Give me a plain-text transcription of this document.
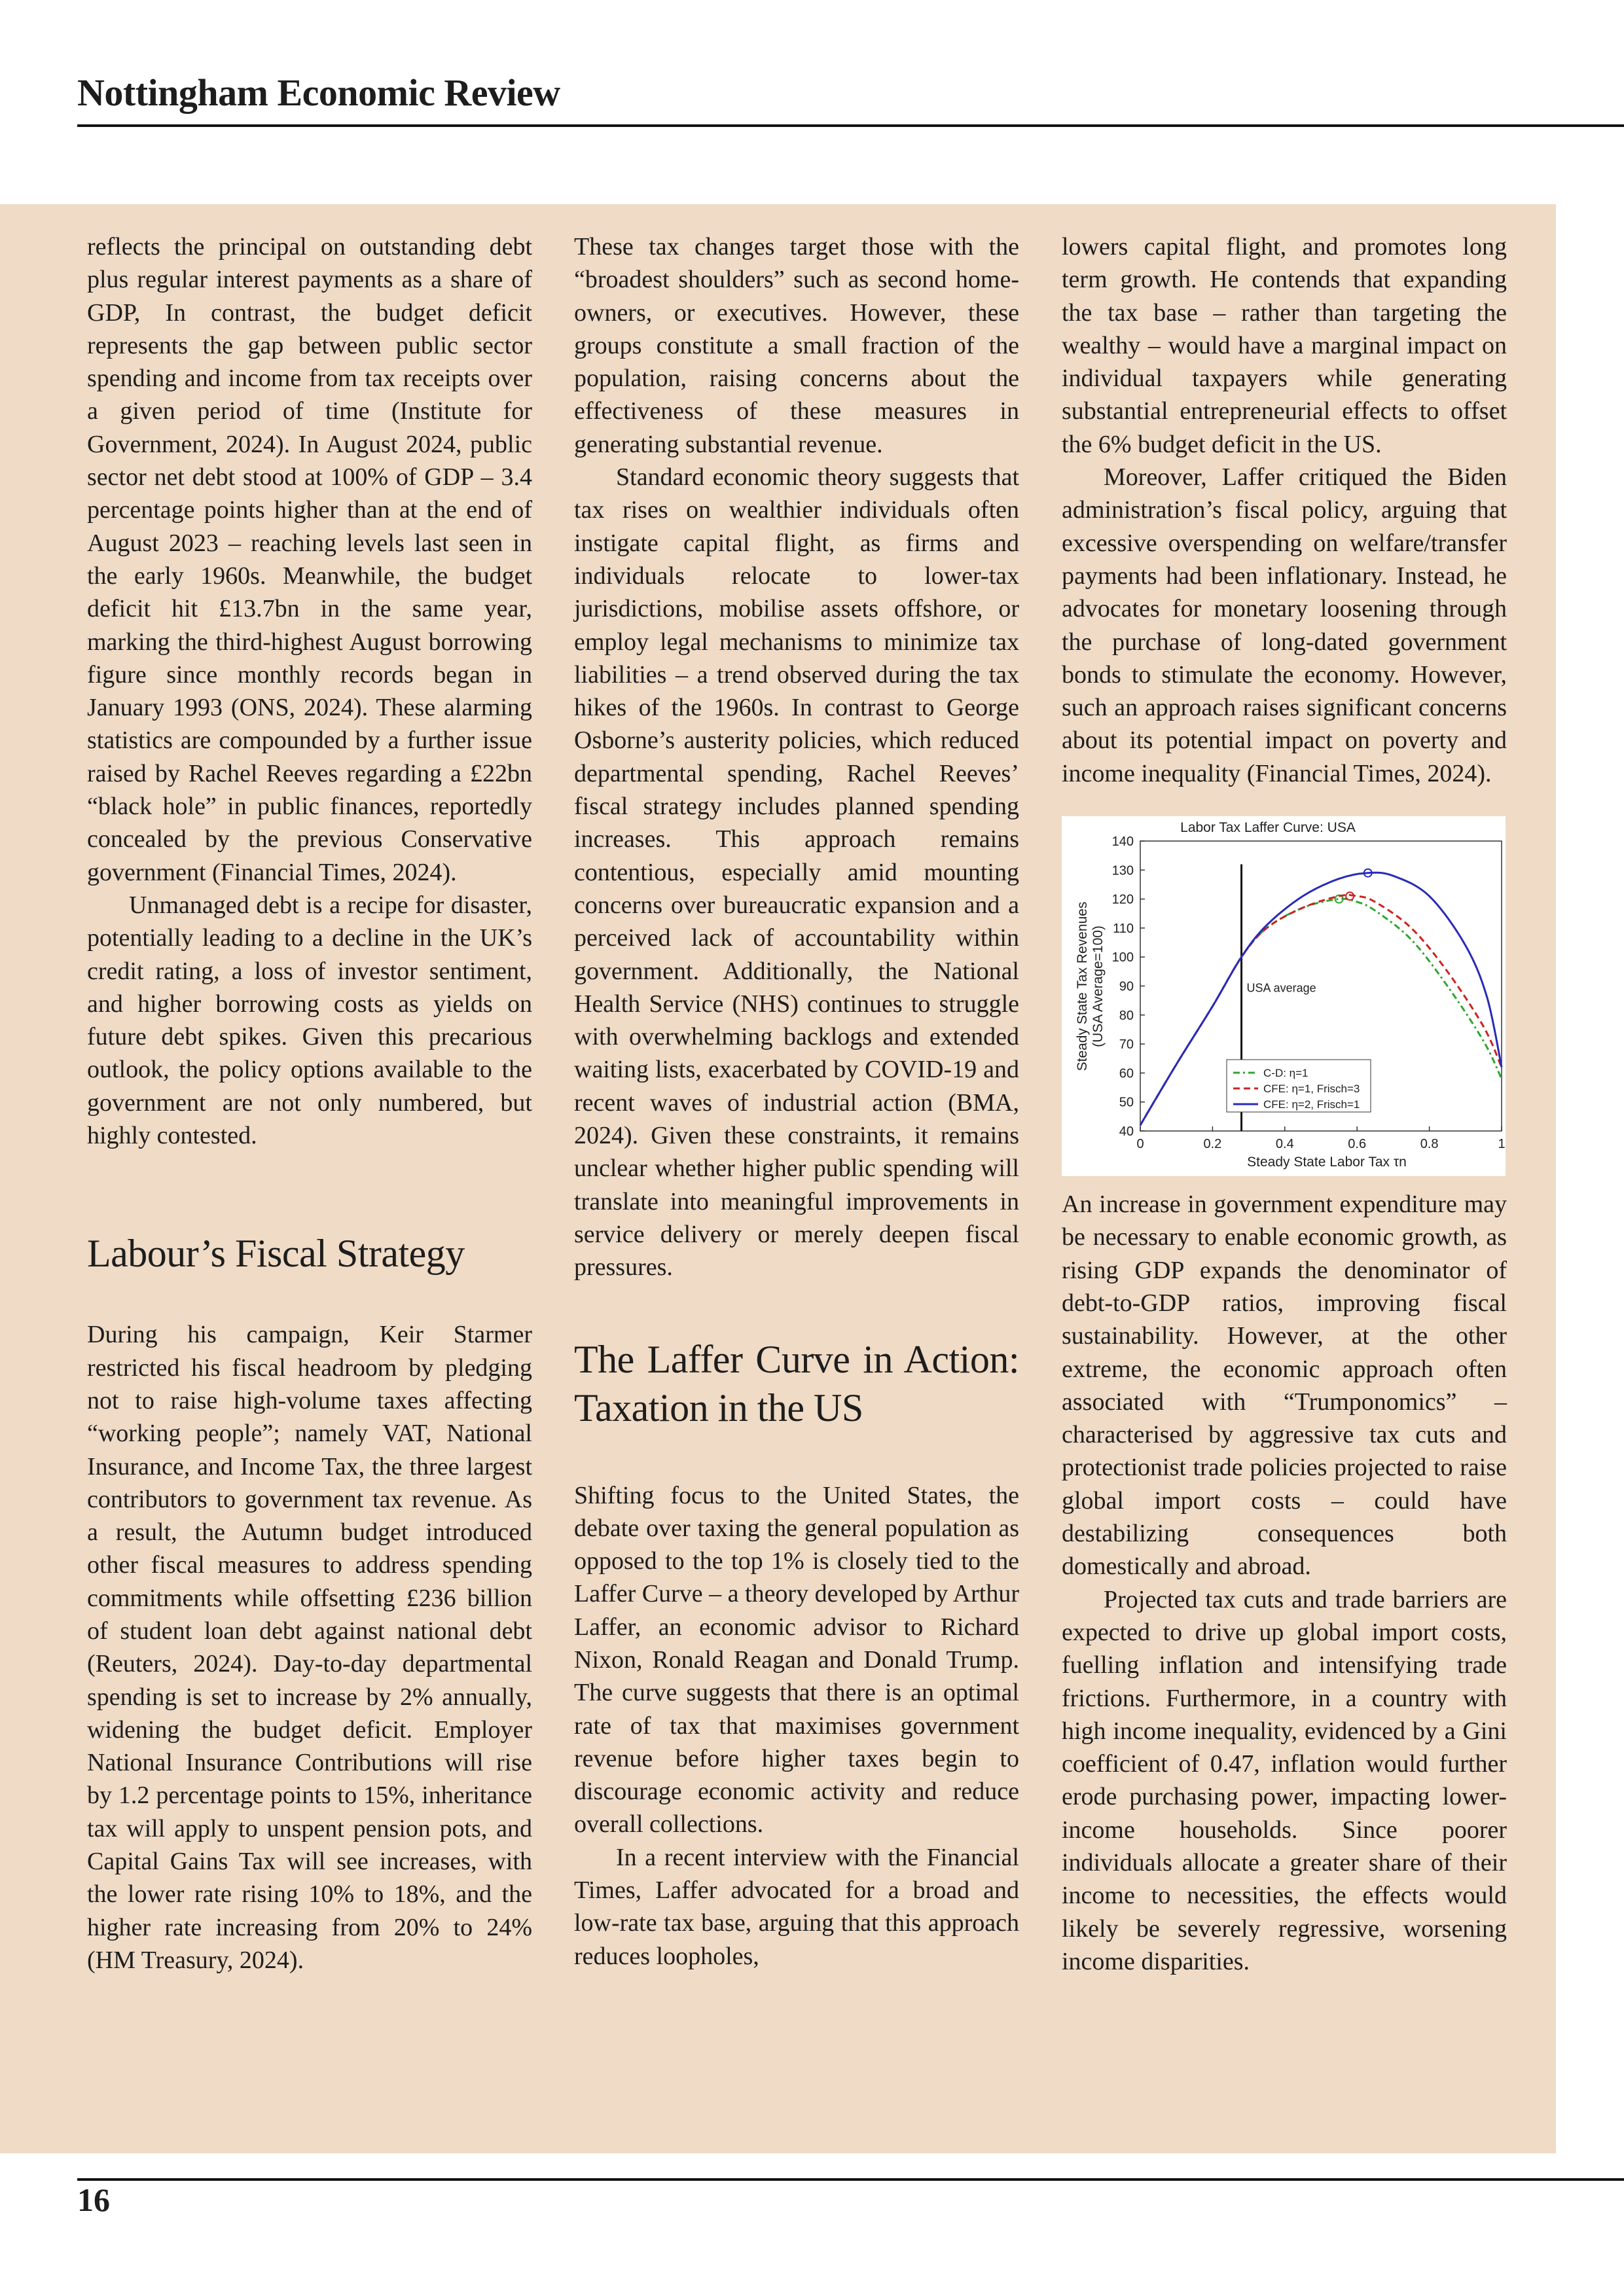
Nottingham Economic Review

reflects the principal on outstanding debt plus regular interest payments as a share of GDP, In contrast, the budget deficit represents the gap between public sector spending and income from tax receipts over a given period of time (Institute for Government, 2024). In August 2024, public sector net debt stood at 100% of GDP – 3.4 percentage points higher than at the end of August 2023 – reaching levels last seen in the early 1960s. Meanwhile, the budget deficit hit £13.7bn in the same year, marking the third-highest August borrowing figure since monthly records began in January 1993 (ONS, 2024). These alarming statistics are compounded by a further issue raised by Rachel Reeves regarding a £22bn “black hole” in public finances, reportedly concealed by the previous Conservative government (Financial Times, 2024).

Unmanaged debt is a recipe for disaster, potentially leading to a decline in the UK’s credit rating, a loss of investor sentiment, and higher borrowing costs as yields on future debt spikes. Given this precarious outlook, the policy options available to the government are not only numbered, but highly contested.

Labour’s Fiscal Strategy

During his campaign, Keir Starmer restricted his fiscal headroom by pledging not to raise high-volume taxes affecting “working people”; namely VAT, National Insurance, and Income Tax, the three largest contributors to government tax revenue. As a result, the Autumn budget introduced other fiscal measures to address spending commitments while offsetting £236 billion of student loan debt against national debt (Reuters, 2024). Day-to-day departmental spending is set to increase by 2% annually, widening the budget deficit. Employer National Insurance Contributions will rise by 1.2 percentage points to 15%, inheritance tax will apply to unspent pension pots, and Capital Gains Tax will see increases, with the lower rate rising 10% to 18%, and the higher rate increasing from 20% to 24% (HM Treasury, 2024).

These tax changes target those with the “broadest shoulders” such as second home-owners, or executives. However, these groups constitute a small fraction of the population, raising concerns about the effectiveness of these measures in generating substantial revenue.

Standard economic theory suggests that tax rises on wealthier individuals often instigate capital flight, as firms and individuals relocate to lower-tax jurisdictions, mobilise assets offshore, or employ legal mechanisms to minimize tax liabilities – a trend observed during the tax hikes of the 1960s. In contrast to George Osborne’s austerity policies, which reduced departmental spending, Rachel Reeves’ fiscal strategy includes planned spending increases. This approach remains contentious, especially amid mounting concerns over bureaucratic expansion and a perceived lack of accountability within government. Additionally, the National Health Service (NHS) continues to struggle with overwhelming backlogs and extended waiting lists, exacerbated by COVID-19 and recent waves of industrial action (BMA, 2024). Given these constraints, it remains unclear whether higher public spending will translate into meaningful improvements in service delivery or merely deepen fiscal pressures.

The Laffer Curve in Action: Taxation in the US

Shifting focus to the United States, the debate over taxing the general population as opposed to the top 1% is closely tied to the Laffer Curve – a theory developed by Arthur Laffer, an economic advisor to Richard Nixon, Ronald Reagan and Donald Trump. The curve suggests that there is an optimal rate of tax that maximises government revenue before higher taxes begin to discourage economic activity and reduce overall collections.

In a recent interview with the Financial Times, Laffer advocated for a broad and low-rate tax base, arguing that this approach reduces loopholes,

lowers capital flight, and promotes long term growth. He contends that expanding the tax base – rather than targeting the wealthy – would have a marginal impact on individual taxpayers while generating substantial entrepreneurial effects to offset the 6% budget deficit in the US.

Moreover, Laffer critiqued the Biden administration’s fiscal policy, arguing that excessive overspending on welfare/transfer payments had been inflationary. Instead, he advocates for monetary loosening through the purchase of long-dated government bonds to stimulate the economy. However, such an approach raises significant concerns about its potential impact on poverty and income inequality (Financial Times, 2024).

Labor Tax Laffer Curve: USA
0	0.2	0.4	0.6	0.8	1
40
50
60
70
80
90
100
110
120
130
140
USA average
C-D: η=1
CFE: η=1, Frisch=3
CFE: η=2, Frisch=1
Steady State Labor Tax τn
Steady State Tax Revenues (USA Average=100)

An increase in government expenditure may be necessary to enable economic growth, as rising GDP expands the denominator of debt-to-GDP ratios, improving fiscal sustainability. However, at the other extreme, the economic approach often associated with “Trumponomics” – characterised by aggressive tax cuts and protectionist trade policies projected to raise global import costs – could have destabilizing consequences both domestically and abroad.

Projected tax cuts and trade barriers are expected to drive up global import costs, fuelling inflation and intensifying trade frictions. Furthermore, in a country with high income inequality, evidenced by a Gini coefficient of 0.47, inflation would further erode purchasing power, impacting lower-income households. Since poorer individuals allocate a greater share of their income to necessities, the effects would likely be severely regressive, worsening income disparities.

16
